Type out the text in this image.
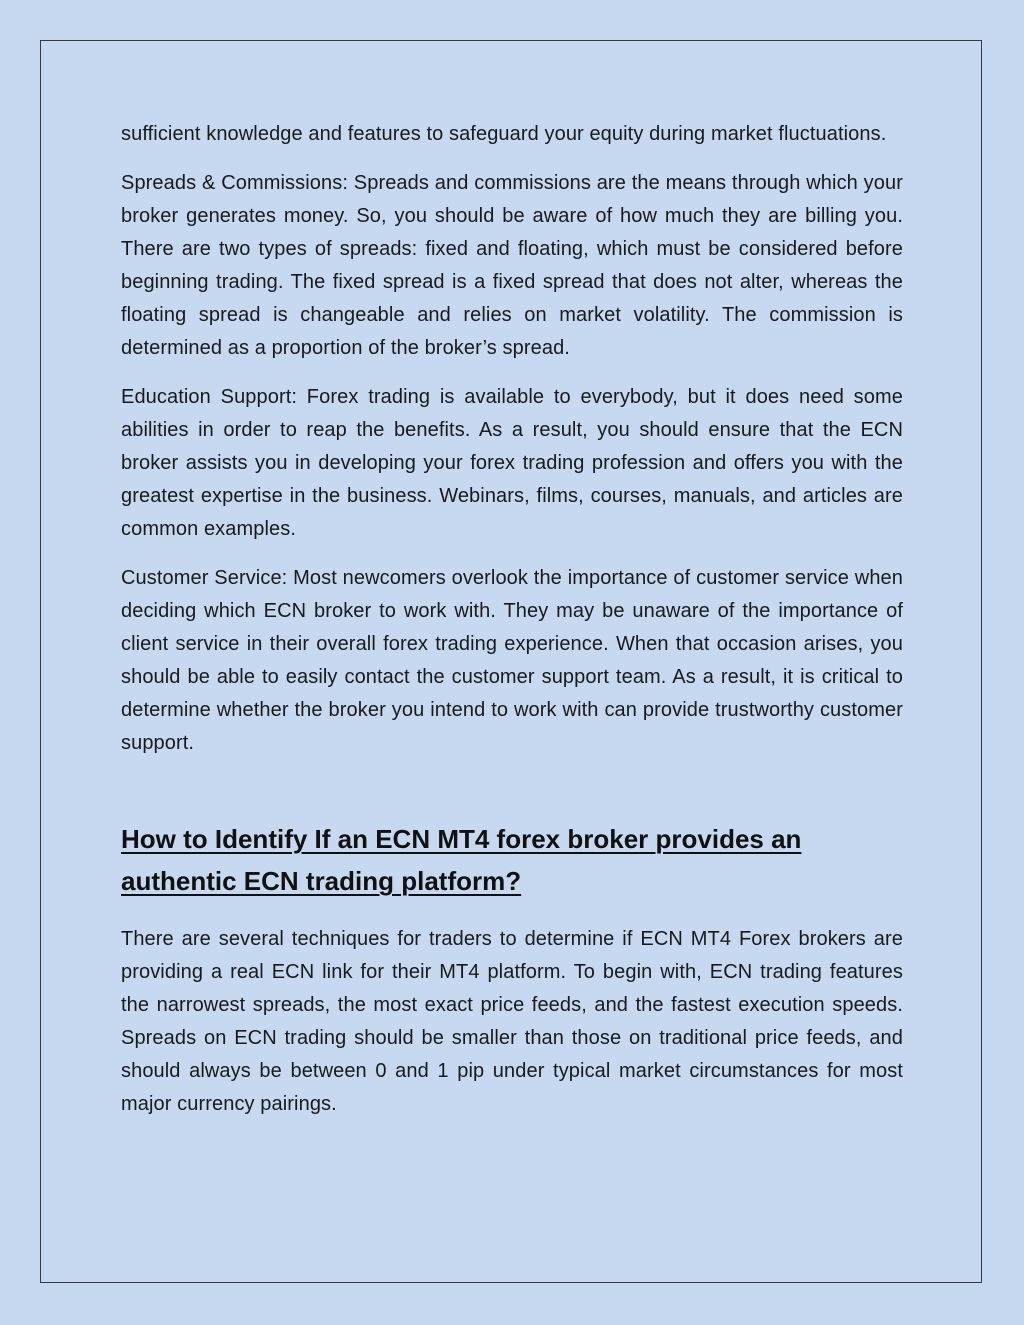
sufficient knowledge and features to safeguard your equity during market fluctuations.

Spreads & Commissions: Spreads and commissions are the means through which your broker generates money. So, you should be aware of how much they are billing you. There are two types of spreads: fixed and floating, which must be considered before beginning trading. The fixed spread is a fixed spread that does not alter, whereas the floating spread is changeable and relies on market volatility. The commission is determined as a proportion of the broker’s spread.

Education Support: Forex trading is available to everybody, but it does need some abilities in order to reap the benefits. As a result, you should ensure that the ECN broker assists you in developing your forex trading profession and offers you with the greatest expertise in the business. Webinars, films, courses, manuals, and articles are common examples.

Customer Service: Most newcomers overlook the importance of customer service when deciding which ECN broker to work with. They may be unaware of the importance of client service in their overall forex trading experience. When that occasion arises, you should be able to easily contact the customer support team. As a result, it is critical to determine whether the broker you intend to work with can provide trustworthy customer support.

How to Identify If an ECN MT4 forex broker provides an authentic ECN trading platform?

There are several techniques for traders to determine if ECN MT4 Forex brokers are providing a real ECN link for their MT4 platform. To begin with, ECN trading features the narrowest spreads, the most exact price feeds, and the fastest execution speeds. Spreads on ECN trading should be smaller than those on traditional price feeds, and should always be between 0 and 1 pip under typical market circumstances for most major currency pairings.
